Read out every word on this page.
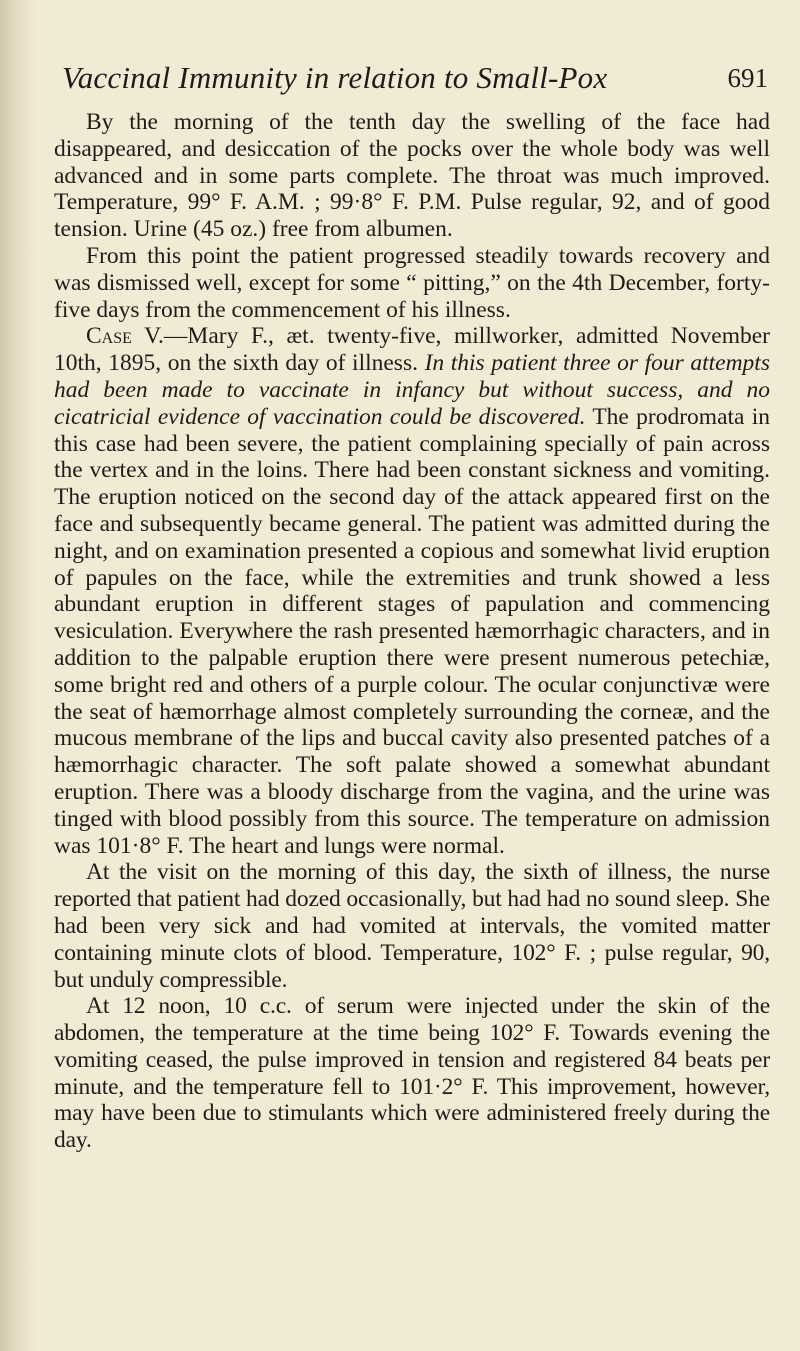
Vaccinal Immunity in relation to Small-Pox	691

By the morning of the tenth day the swelling of the face had disappeared, and desiccation of the pocks over the whole body was well advanced and in some parts complete. The throat was much improved. Temperature, 99° F. A.M. ; 99·8° F. P.M. Pulse regular, 92, and of good tension. Urine (45 oz.) free from albumen.

From this point the patient progressed steadily towards recovery and was dismissed well, except for some “ pitting,” on the 4th December, forty-five days from the commencement of his illness.

Case V.—Mary F., æt. twenty-five, millworker, admitted November 10th, 1895, on the sixth day of illness. In this patient three or four attempts had been made to vaccinate in infancy but without success, and no cicatricial evidence of vaccination could be discovered. The prodromata in this case had been severe, the patient complaining specially of pain across the vertex and in the loins. There had been constant sickness and vomiting. The eruption noticed on the second day of the attack appeared first on the face and subsequently became general. The patient was admitted during the night, and on examination presented a copious and somewhat livid eruption of papules on the face, while the extremities and trunk showed a less abundant eruption in different stages of papulation and commencing vesiculation. Everywhere the rash presented hæmorrhagic characters, and in addition to the palpable eruption there were present numerous petechiæ, some bright red and others of a purple colour. The ocular conjunctivæ were the seat of hæmorrhage almost completely surrounding the corneæ, and the mucous membrane of the lips and buccal cavity also presented patches of a hæmorrhagic character. The soft palate showed a somewhat abundant eruption. There was a bloody discharge from the vagina, and the urine was tinged with blood possibly from this source. The temperature on admission was 101·8° F. The heart and lungs were normal.

At the visit on the morning of this day, the sixth of illness, the nurse reported that patient had dozed occasionally, but had had no sound sleep. She had been very sick and had vomited at intervals, the vomited matter containing minute clots of blood. Temperature, 102° F. ; pulse regular, 90, but unduly compressible.

At 12 noon, 10 c.c. of serum were injected under the skin of the abdomen, the temperature at the time being 102° F. Towards evening the vomiting ceased, the pulse improved in tension and registered 84 beats per minute, and the temperature fell to 101·2° F. This improvement, however, may have been due to stimulants which were administered freely during the day.
